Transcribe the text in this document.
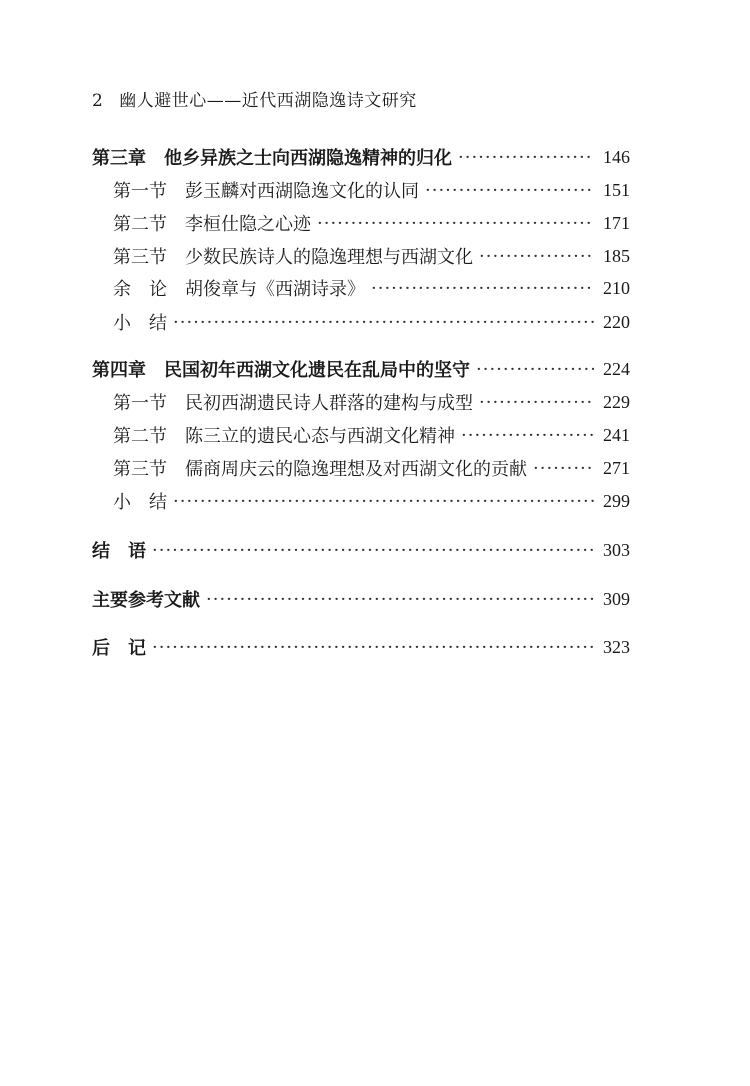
2 幽人避世心——近代西湖隐逸诗文研究
第三章　他乡异族之士向西湖隐逸精神的归化 ·····	146
第一节　彭玉麟对西湖隐逸文化的认同 ·····	151
第二节　李桓仕隐之心迹 ·····	171
第三节　少数民族诗人的隐逸理想与西湖文化 ·····	185
余　论　胡俊章与《西湖诗录》 ·····	210
小　结 ·····	220
第四章　民国初年西湖文化遗民在乱局中的坚守 ·····	224
第一节　民初西湖遗民诗人群落的建构与成型 ·····	229
第二节　陈三立的遗民心态与西湖文化精神 ·····	241
第三节　儒商周庆云的隐逸理想及对西湖文化的贡献 ·····	271
小　结 ·····	299
结　语 ·····	303
主要参考文献 ·····	309
后　记 ·····	323
